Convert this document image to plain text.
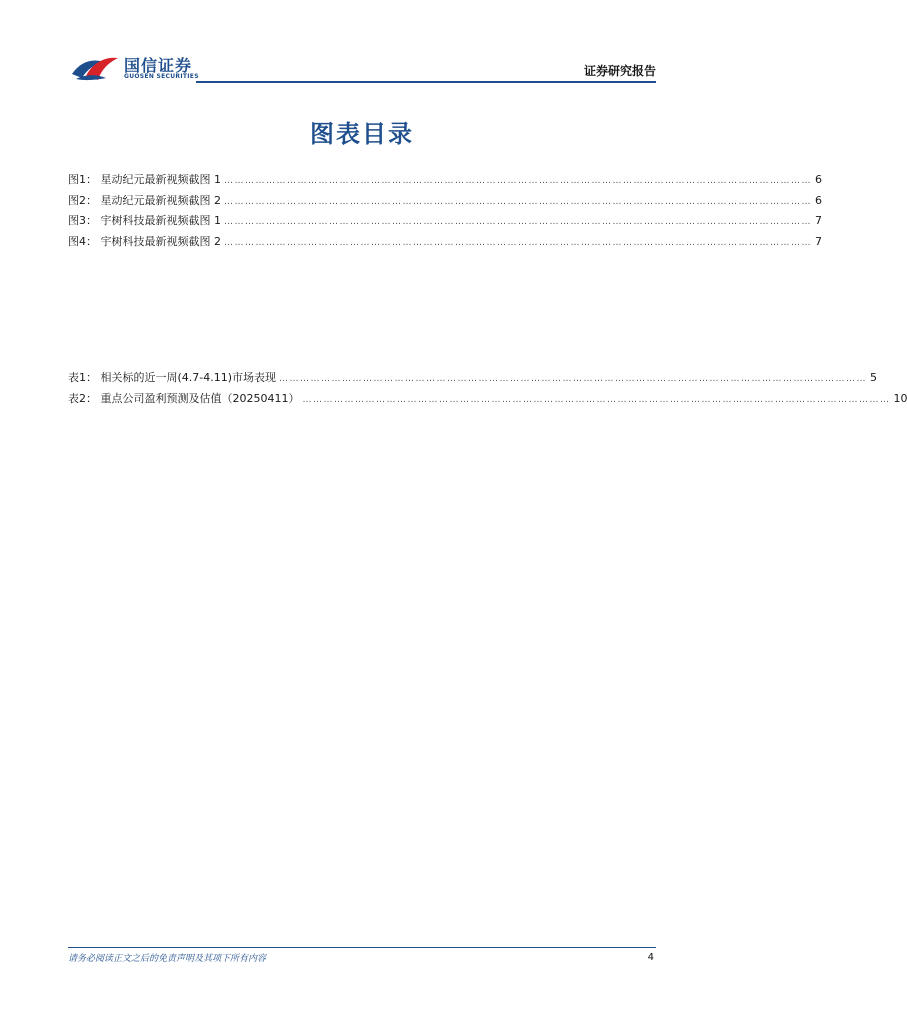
国信证券
GUOSEN SECURITIES	证券研究报告
图表目录
图1： 星动纪元最新视频截图 1 …………………………………………………………………………………………………………………………………………………… 6
图2： 星动纪元最新视频截图 2 …………………………………………………………………………………………………………………………………………………… 6
图3： 宇树科技最新视频截图 1 …………………………………………………………………………………………………………………………………………………… 7
图4： 宇树科技最新视频截图 2 …………………………………………………………………………………………………………………………………………………… 7
表1： 相关标的近一周(4.7-4.11)市场表现 …………………………………………………………………………………………………………………………………………………… 5
表2： 重点公司盈利预测及估值（20250411） …………………………………………………………………………………………………………………………………………………… 10
请务必阅读正文之后的免责声明及其项下所有内容	4
